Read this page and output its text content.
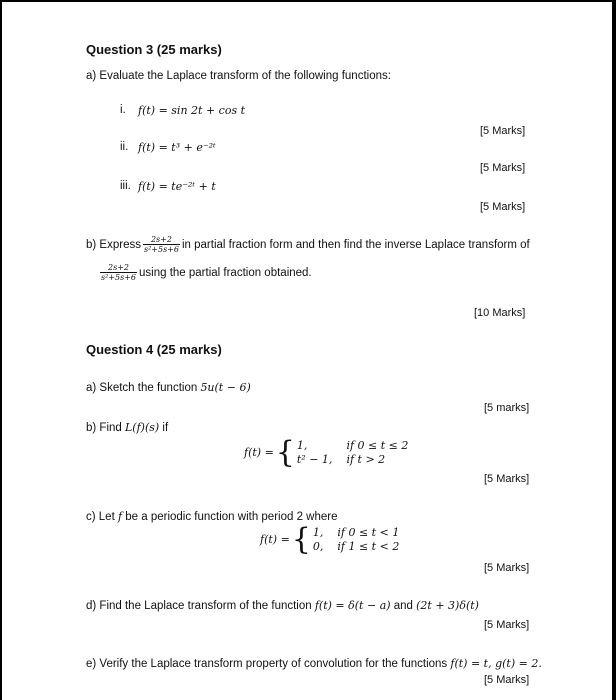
Question 3 (25 marks)
a) Evaluate the Laplace transform of the following functions:
i. f(t) = sin 2t + cos t
[5 Marks]
ii. f(t) = t³ + e⁻²ᵗ
[5 Marks]
iii. f(t) = te⁻²ᵗ + t
[5 Marks]
b) Express $\frac{2s+2}{\text{s²+5s+6}}$ in partial fraction form and then find the inverse Laplace transform of
$\frac{2s+2}{\text{s²+5s+6}}$ using the partial fraction obtained.
[10 Marks]
Question 4 (25 marks)
a) Sketch the function 5u(t − 6)
[5 marks]
b) Find L(f)(s) if
f(t) = { 1,	if 0 ≤ t ≤ 2
t² − 1, if t > 2
[5 Marks]
c) Let f be a periodic function with period 2 where
f(t) = { 1, if 0 ≤ t < 1
0, if 1 ≤ t < 2
[5 Marks]
d) Find the Laplace transform of the function f(t) = δ(t − a) and (2t + 3)δ(t)
[5 Marks]
e) Verify the Laplace transform property of convolution for the functions f(t) = t, g(t) = 2.
[5 Marks]
